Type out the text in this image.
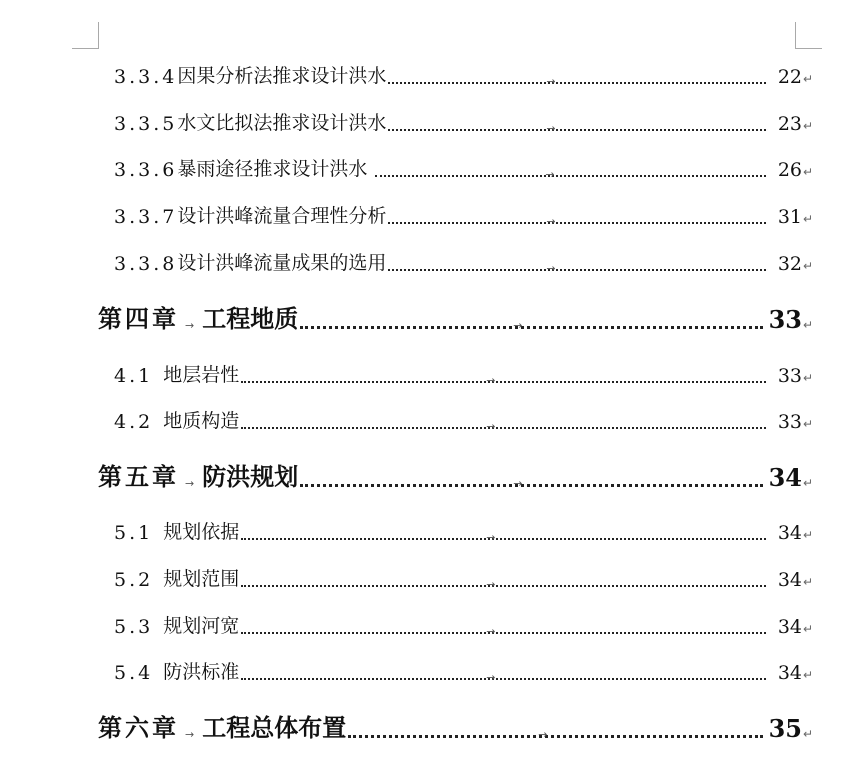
3.3.4 因果分析法推求设计洪水	→	22 ↵
3.3.5 水文比拟法推求设计洪水	→	23 ↵
3.3.6 暴雨途径推求设计洪水	→	26 ↵
3.3.7 设计洪峰流量合理性分析	→	31 ↵
3.3.8 设计洪峰流量成果的选用	→	32 ↵
第四章 → 工程地质	→	33 ↵
4.1 地层岩性	→	33 ↵
4.2 地质构造	→	33 ↵
第五章 → 防洪规划	→	34 ↵
5.1 规划依据	→	34 ↵
5.2 规划范围	→	34 ↵
5.3 规划河宽	→	34 ↵
5.4 防洪标准	→	34 ↵
第六章 → 工程总体布置	→	35 ↵
